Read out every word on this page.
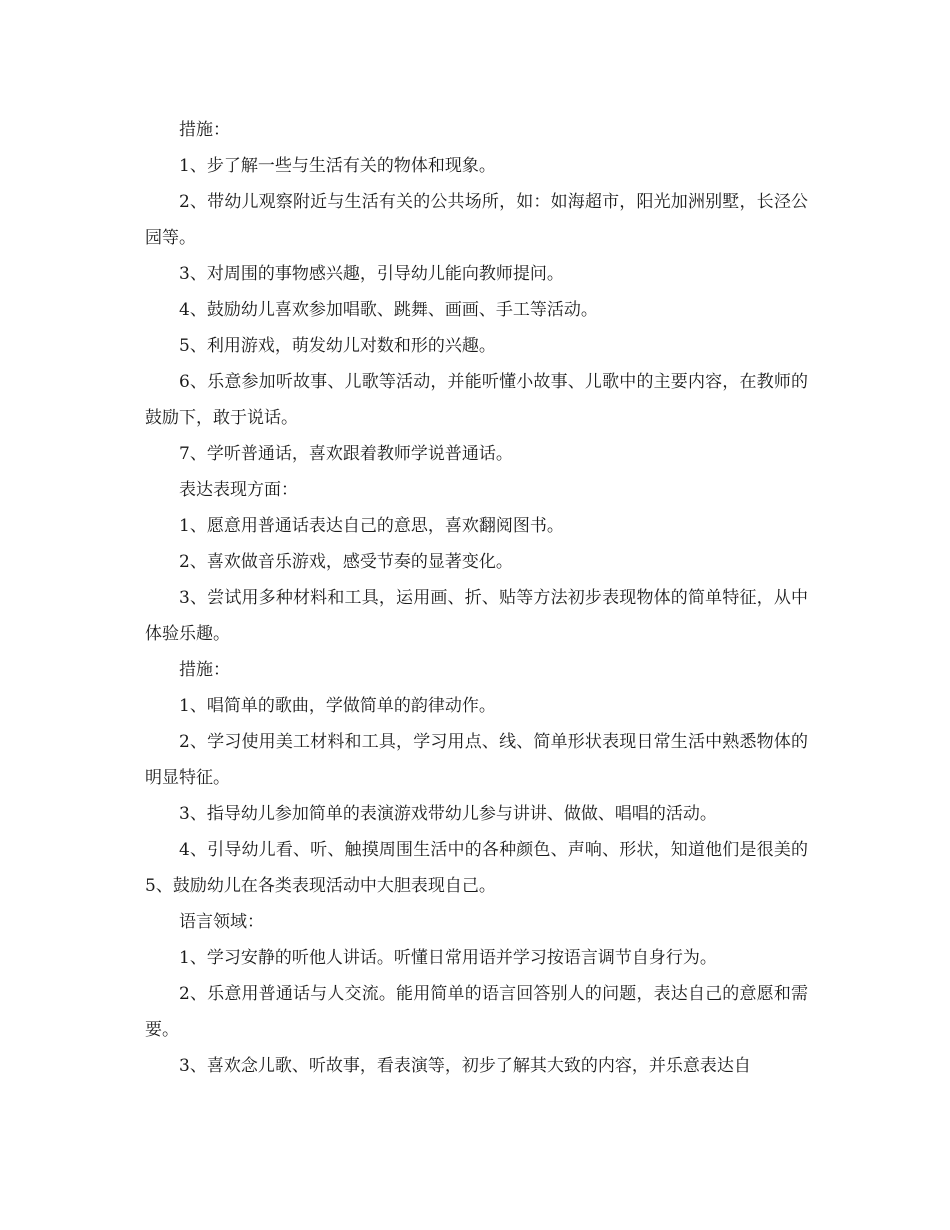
措施：

1、步了解一些与生活有关的物体和现象。

2、带幼儿观察附近与生活有关的公共场所，如：如海超市，阳光加洲别墅，长泾公园等。

3、对周围的事物感兴趣，引导幼儿能向教师提问。

4、鼓励幼儿喜欢参加唱歌、跳舞、画画、手工等活动。

5、利用游戏，萌发幼儿对数和形的兴趣。

6、乐意参加听故事、儿歌等活动，并能听懂小故事、儿歌中的主要内容，在教师的鼓励下，敢于说话。

7、学听普通话，喜欢跟着教师学说普通话。

表达表现方面：

1、愿意用普通话表达自己的意思，喜欢翻阅图书。

2、喜欢做音乐游戏，感受节奏的显著变化。

3、尝试用多种材料和工具，运用画、折、贴等方法初步表现物体的简单特征，从中体验乐趣。

措施：

1、唱简单的歌曲，学做简单的韵律动作。

2、学习使用美工材料和工具，学习用点、线、简单形状表现日常生活中熟悉物体的明显特征。

3、指导幼儿参加简单的表演游戏带幼儿参与讲讲、做做、唱唱的活动。

4、引导幼儿看、听、触摸周围生活中的各种颜色、声响、形状，知道他们是很美的5、鼓励幼儿在各类表现活动中大胆表现自己。

语言领域：

1、学习安静的听他人讲话。听懂日常用语并学习按语言调节自身行为。

2、乐意用普通话与人交流。能用简单的语言回答别人的问题，表达自己的意愿和需要。

3、喜欢念儿歌、听故事，看表演等，初步了解其大致的内容，并乐意表达自
